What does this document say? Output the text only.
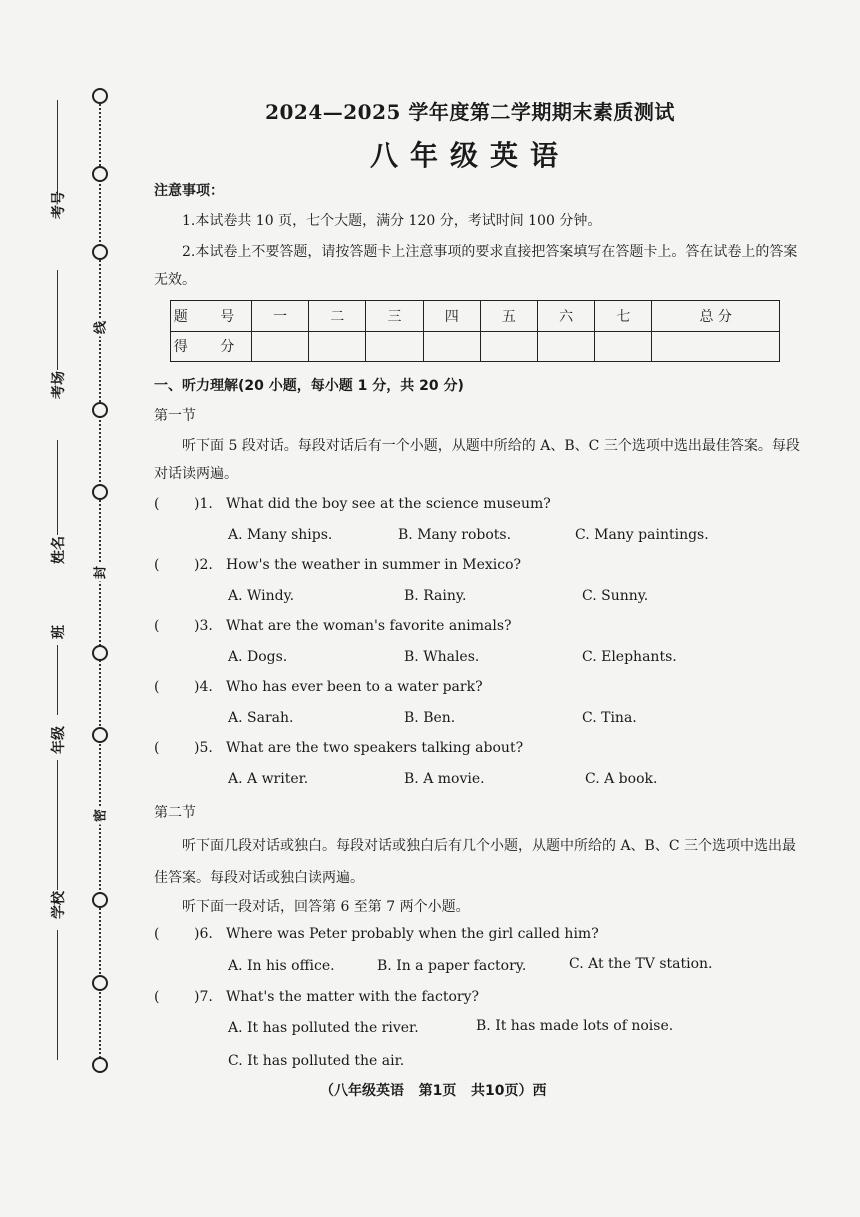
线
封
密
考号
考场
姓名
班
年级
学校
2024—2025 学年度第二学期期末素质测试
八年级英语
注意事项：
1.本试卷共 10 页，七个大题，满分 120 分，考试时间 100 分钟。
2.本试卷上不要答题，请按答题卡上注意事项的要求直接把答案填写在答题卡上。答在试卷上的答案无效。
题 号	一	二	三	四	五	六	七	总 分
得 分								
一、听力理解(20 小题，每小题 1 分，共 20 分)
第一节
听下面 5 段对话。每段对话后有一个小题，从题中所给的 A、B、C 三个选项中选出最佳答案。每段对话读两遍。
( )1. What did the boy see at the science museum?
A. Many ships.	B. Many robots.	C. Many paintings.
( )2. How's the weather in summer in Mexico?
A. Windy.	B. Rainy.	C. Sunny.
( )3. What are the woman's favorite animals?
A. Dogs.	B. Whales.	C. Elephants.
( )4. Who has ever been to a water park?
A. Sarah.	B. Ben.	C. Tina.
( )5. What are the two speakers talking about?
A. A writer.	B. A movie.	C. A book.
第二节
听下面几段对话或独白。每段对话或独白后有几个小题，从题中所给的 A、B、C 三个选项中选出最佳答案。每段对话或独白读两遍。
听下面一段对话，回答第 6 至第 7 两个小题。
( )6. Where was Peter probably when the girl called him?
A. In his office.	B. In a paper factory.	C. At the TV station.
( )7. What's the matter with the factory?
A. It has polluted the river.	B. It has made lots of noise.
C. It has polluted the air.
（八年级英语   第1页   共10页）西
